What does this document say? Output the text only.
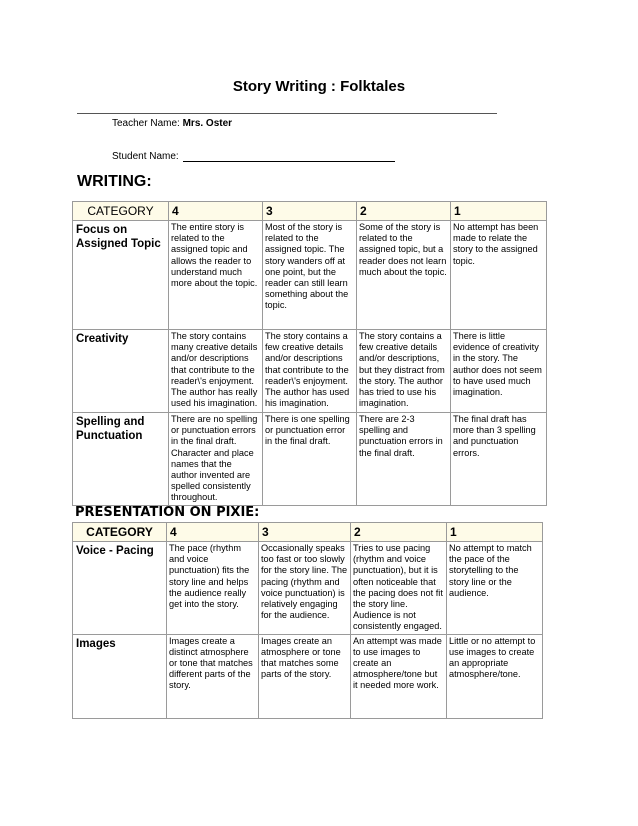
Story Writing : Folktales
Teacher Name: Mrs. Oster
Student Name:
WRITING:
CATEGORY	4	3	2	1
Focus on Assigned Topic	The entire story is related to the assigned topic and allows the reader to understand much more about the topic.	Most of the story is related to the assigned topic. The story wanders off at one point, but the reader can still learn something about the topic.	Some of the story is related to the assigned topic, but a reader does not learn much about the topic.	No attempt has been made to relate the story to the assigned topic.
Creativity	The story contains many creative details and/or descriptions that contribute to the reader\'s enjoyment. The author has really used his imagination.	The story contains a few creative details and/or descriptions that contribute to the reader\'s enjoyment. The author has used his imagination.	The story contains a few creative details and/or descriptions, but they distract from the story. The author has tried to use his imagination.	There is little evidence of creativity in the story. The author does not seem to have used much imagination.
Spelling and Punctuation	There are no spelling or punctuation errors in the final draft. Character and place names that the author invented are spelled consistently throughout.	There is one spelling or punctuation error in the final draft.	There are 2-3 spelling and punctuation errors in the final draft.	The final draft has more than 3 spelling and punctuation errors.
PRESENTATION ON PIXIE:
CATEGORY	4	3	2	1
Voice - Pacing	The pace (rhythm and voice punctuation) fits the story line and helps the audience really get into the story.	Occasionally speaks too fast or too slowly for the story line. The pacing (rhythm and voice punctuation) is relatively engaging for the audience.	Tries to use pacing (rhythm and voice punctuation), but it is often noticeable that the pacing does not fit the story line. Audience is not consistently engaged.	No attempt to match the pace of the storytelling to the story line or the audience.
Images	Images create a distinct atmosphere or tone that matches different parts of the story.	Images create an atmosphere or tone that matches some parts of the story.	An attempt was made to use images to create an atmosphere/tone but it needed more work.	Little or no attempt to use images to create an appropriate atmosphere/tone.
